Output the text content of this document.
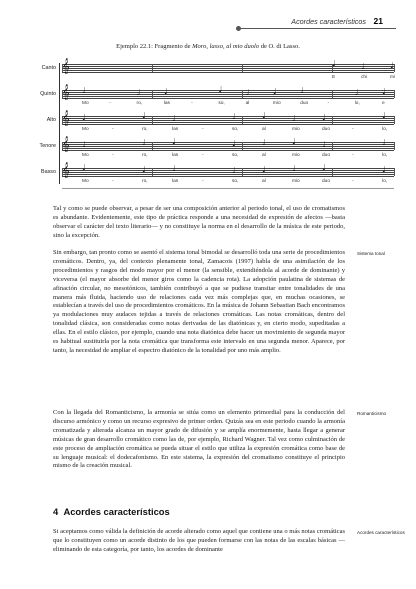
Acordes característicos 21
Ejemplo 22.1: Fragmento de Moro, lasso, al mio duolo de O. di Lasso.
Canto 𝄞	♩	♩	♩
E	chi	mi
Quinto 𝄞 ♩	♩	♩	♩	♩	♩	♩	♩	♩
Mo	-	ro,	las	-	so,	al	mio	duo	-	lo,	e
Alto 𝄞 ♩	♩	♩	♩	♩	♩	♩	♩
Mo	-	ro,	las	-	so,	al	mio	duo	-	lo,
Tenore 𝄞 ♩	♩	♩	♩	♩	♩	♩	♩
Mo	-	ro,	las	-	so,	al	mio	duo	-	lo,
Basso 𝄞 ♩	♩	♩	♩	♩	♩	♩	♩
Mo	-	ro,	las	-	so,	al	mio	duo	-	lo,

Tal y como se puede observar, a pesar de ser una composición anterior al periodo tonal, el uso de cromatismos es abundante. Evidentemente, este tipo de práctica responde a una necesidad de expresión de afectos —basta observar el carácter del texto literario— y no constituye la norma en el desarrollo de la música de este periodo, sino la excepción.

Sin embargo, tan pronto como se asentó el sistema tonal bimodal se desarrolló toda una serie de procedimientos cromáticos. Dentro, ya, del contexto plenamente tonal, Zamacois (1997) habla de una asimilación de los procedimientos y rasgos del modo mayor por el menor (la sensible, extendiéndola al acorde de dominante) y viceversa (el mayor absorbe del menor giros como la cadencia rota). La adopción paulatina de sistemas de afinación circular, no mesotónicos, también contribuyó a que se pudiese transitar entre tonalidades de una manera más fluida, haciendo uso de relaciones cada vez más complejas que, en muchas ocasiones, se establecían a través del uso de procedimientos cromáticos. En la música de Johann Sebastian Bach encontramos ya modulaciones muy audaces tejidas a través de relaciones cromáticas. Las notas cromáticas, dentro del tonalidad clásica, son consideradas como notas derivadas de las diatónicas y, en cierto modo, supeditadas a ellas. En el estilo clásico, por ejemplo, cuando una nota diatónica debe hacer un movimiento de segunda mayor es habitual sustituirla por la nota cromática que transforma este intervalo en una segunda menor. Aparece, por tanto, la necesidad de ampliar el espectro diatónico de la tonalidad por uno más amplio.

Con la llegada del Romanticismo, la armonía se sitúa como un elemento primordial para la conducción del discurso armónico y como un recurso expresivo de primer orden. Quizás sea en este periodo cuando la armonía cromatizada y alterada alcanza un mayor grado de difusión y se amplía enormemente, hasta llegar a generar músicas de gran desarrollo cromático como las de, por ejemplo, Richard Wagner. Tal vez como culminación de este proceso de ampliación cromática se pueda situar el estilo que utiliza la expresión cromática como base de su lenguaje musical: el dodecafonismo. En este sistema, la expresión del cromatismo constituye el principio mismo de la creación musical.

Sistema tonal
Romanticismo
Acordes característicos
4 Acordes característicos

Si aceptamos como válida la definición de acorde alterado como aquel que contiene una o más notas cromáticas que lo constituyen como un acorde distinto de los que pueden formarse con las notas de las escalas básicas —eliminando de esta categoría, por tanto, los acordes de dominante
